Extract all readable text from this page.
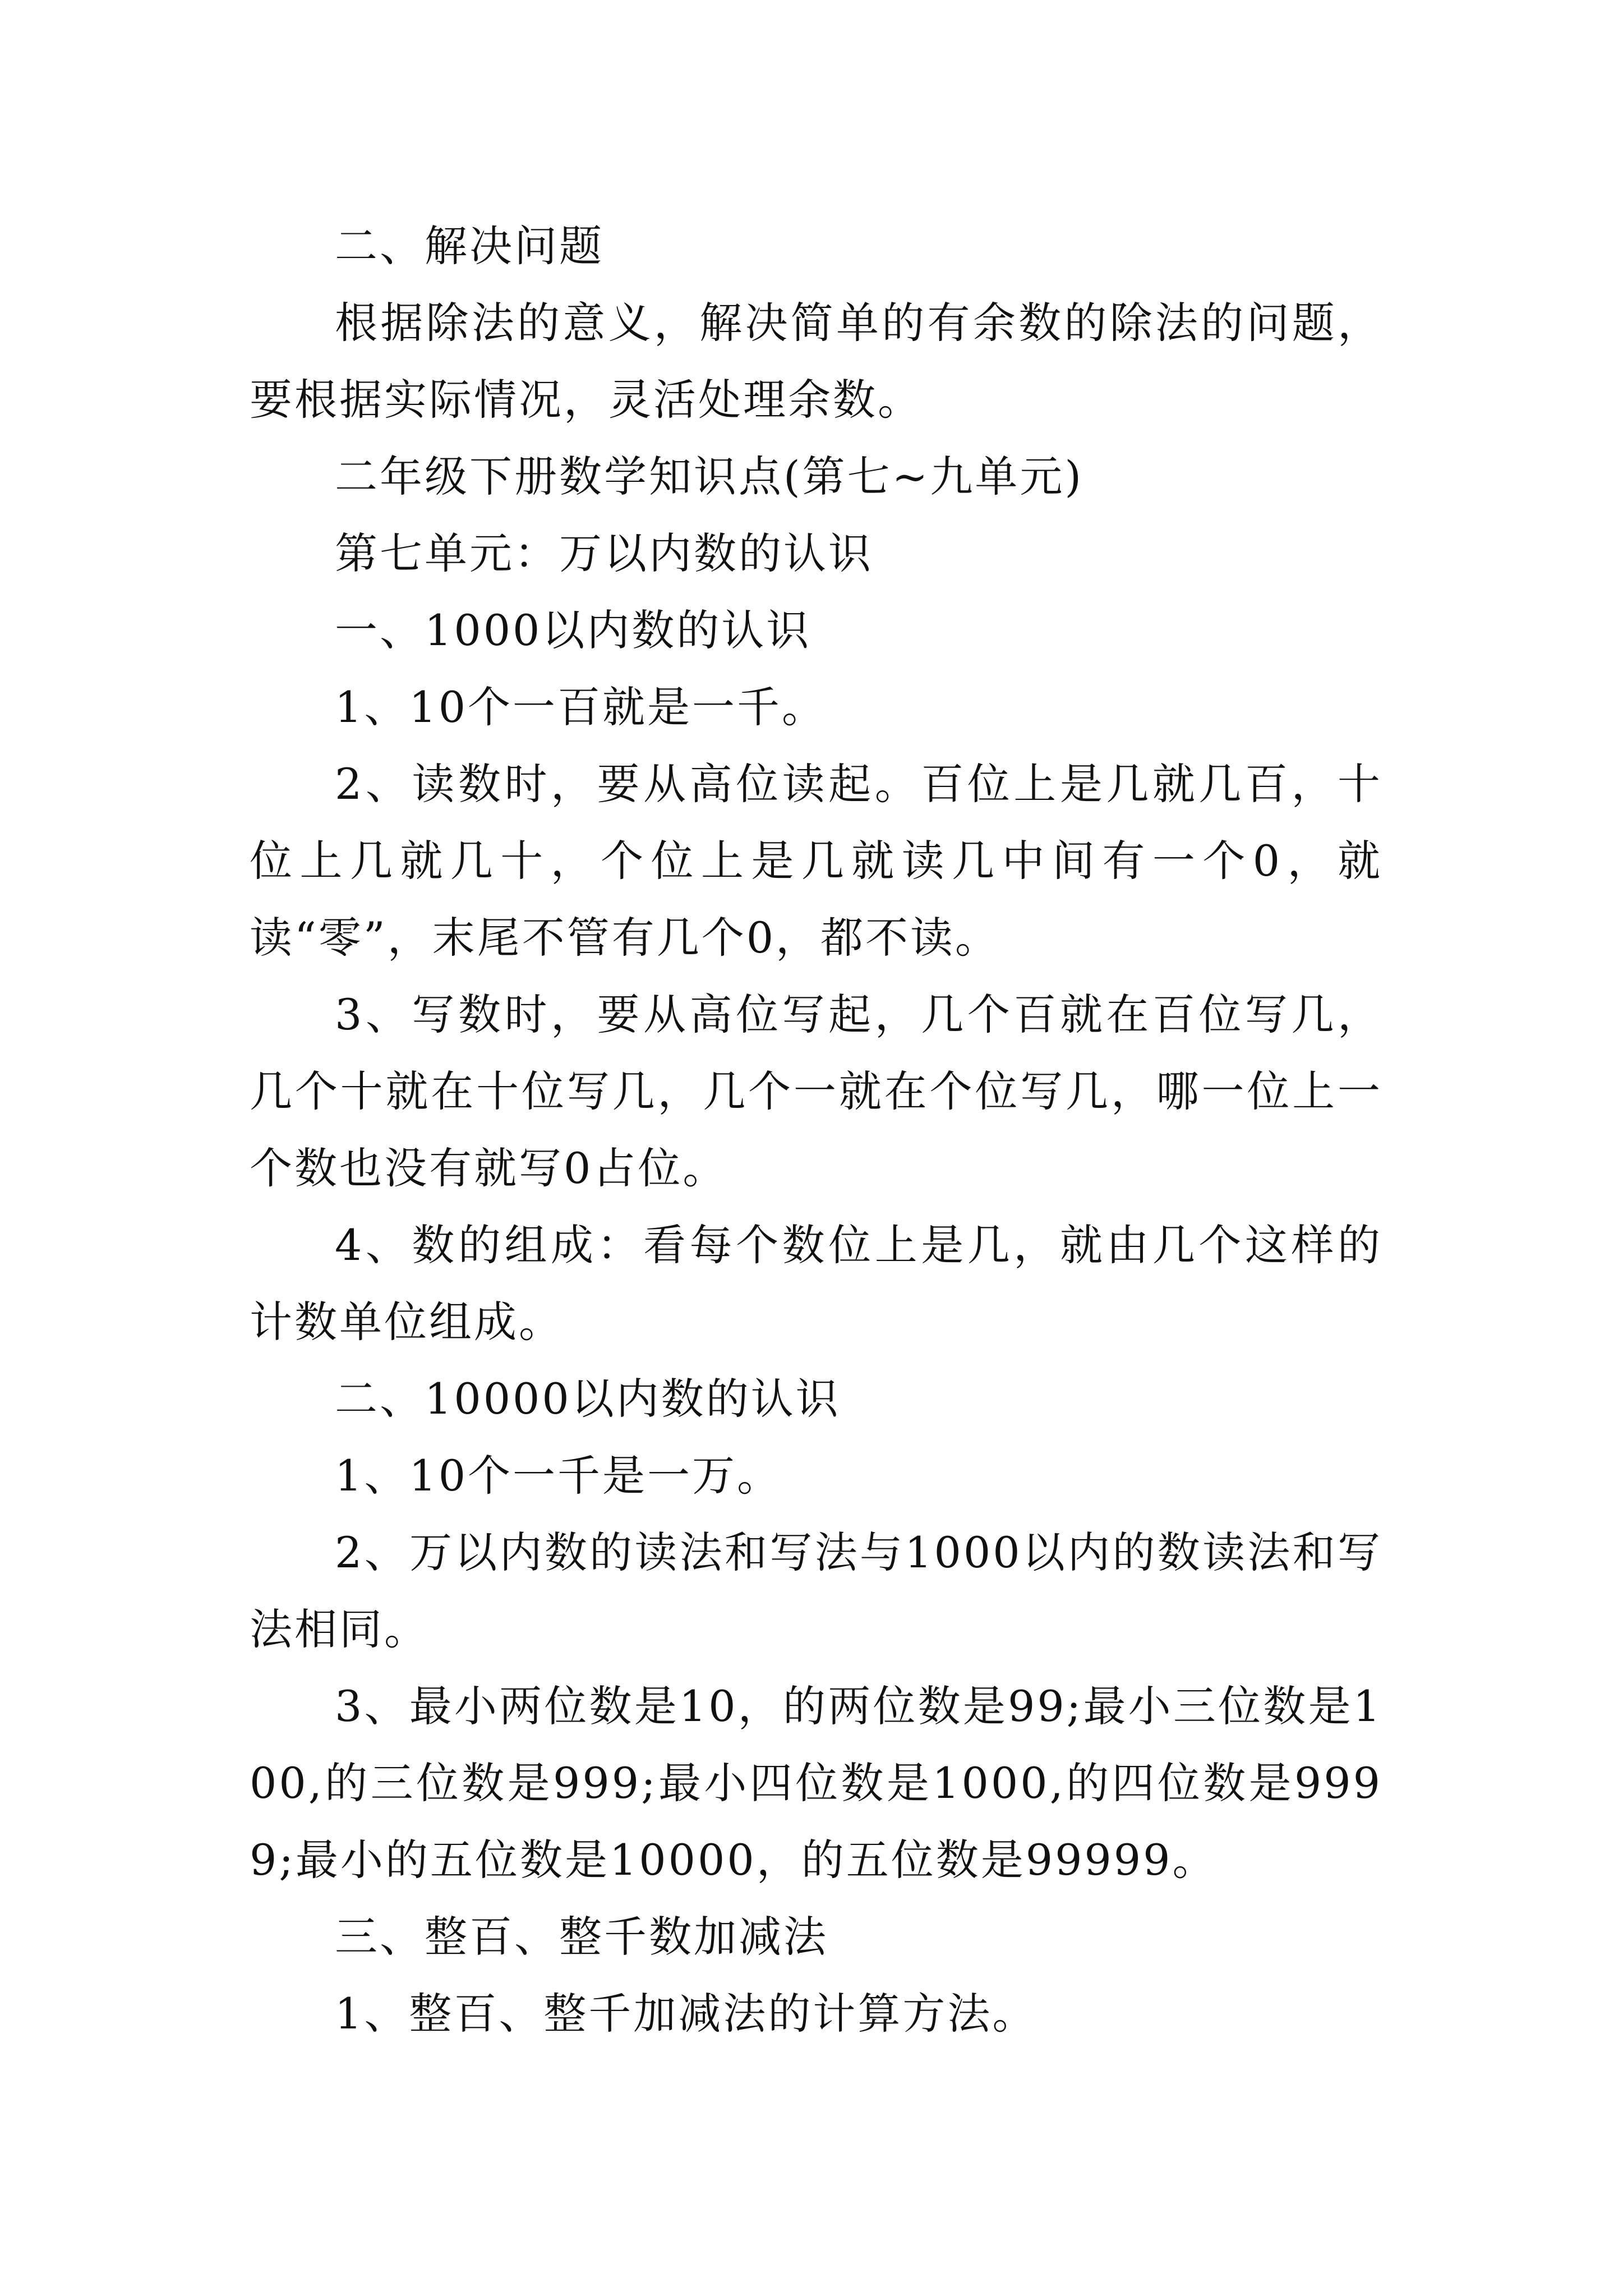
二、解决问题

根据除法的意义，解决简单的有余数的除法的问题，要根据实际情况，灵活处理余数。

二年级下册数学知识点(第七~九单元)

第七单元：万以内数的认识

一、1000以内数的认识

1、10个一百就是一千。

2、读数时，要从高位读起。百位上是几就几百，十位上几就几十，个位上是几就读几中间有一个0，就读“零”，末尾不管有几个0，都不读。

3、写数时，要从高位写起，几个百就在百位写几，几个十就在十位写几，几个一就在个位写几，哪一位上一个数也没有就写0占位。

4、数的组成：看每个数位上是几，就由几个这样的计数单位组成。

二、10000以内数的认识

1、10个一千是一万。

2、万以内数的读法和写法与1000以内的数读法和写法相同。

3、最小两位数是10，的两位数是99;最小三位数是100,的三位数是999;最小四位数是1000,的四位数是9999;最小的五位数是10000，的五位数是99999。

三、整百、整千数加减法

1、整百、整千加减法的计算方法。
